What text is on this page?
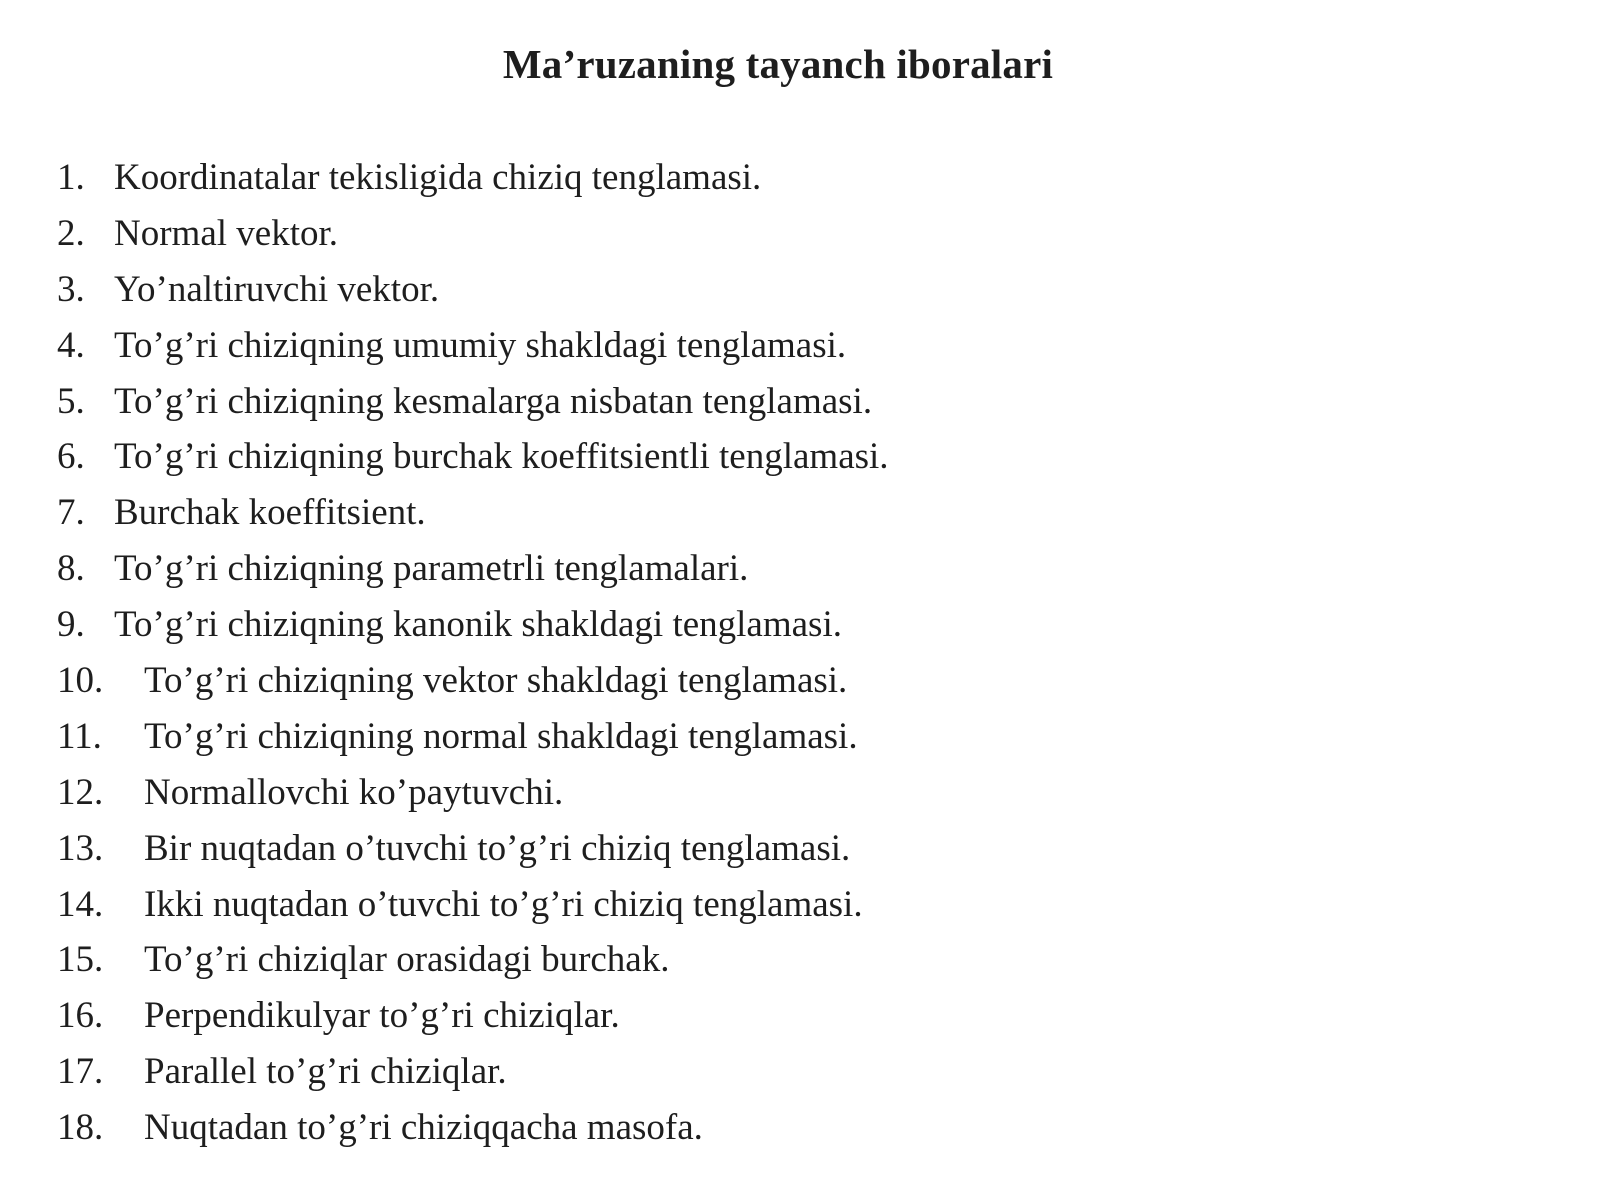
Ma’ruzaning tayanch iboralari
1. Koordinatalar tekisligida chiziq tenglamasi.
2. Normal vektor.
3. Yo’naltiruvchi vektor.
4. To’g’ri chiziqning umumiy shakldagi tenglamasi.
5. To’g’ri chiziqning kesmalarga nisbatan tenglamasi.
6. To’g’ri chiziqning burchak koeffitsientli tenglamasi.
7. Burchak koeffitsient.
8. To’g’ri chiziqning parametrli tenglamalari.
9. To’g’ri chiziqning kanonik shakldagi tenglamasi.
10. To’g’ri chiziqning vektor shakldagi tenglamasi.
11. To’g’ri chiziqning normal shakldagi tenglamasi.
12. Normallovchi ko’paytuvchi.
13. Bir nuqtadan o’tuvchi to’g’ri chiziq tenglamasi.
14. Ikki nuqtadan o’tuvchi to’g’ri chiziq tenglamasi.
15. To’g’ri chiziqlar orasidagi burchak.
16. Perpendikulyar to’g’ri chiziqlar.
17. Parallel to’g’ri chiziqlar.
18. Nuqtadan to’g’ri chiziqqacha masofa.
